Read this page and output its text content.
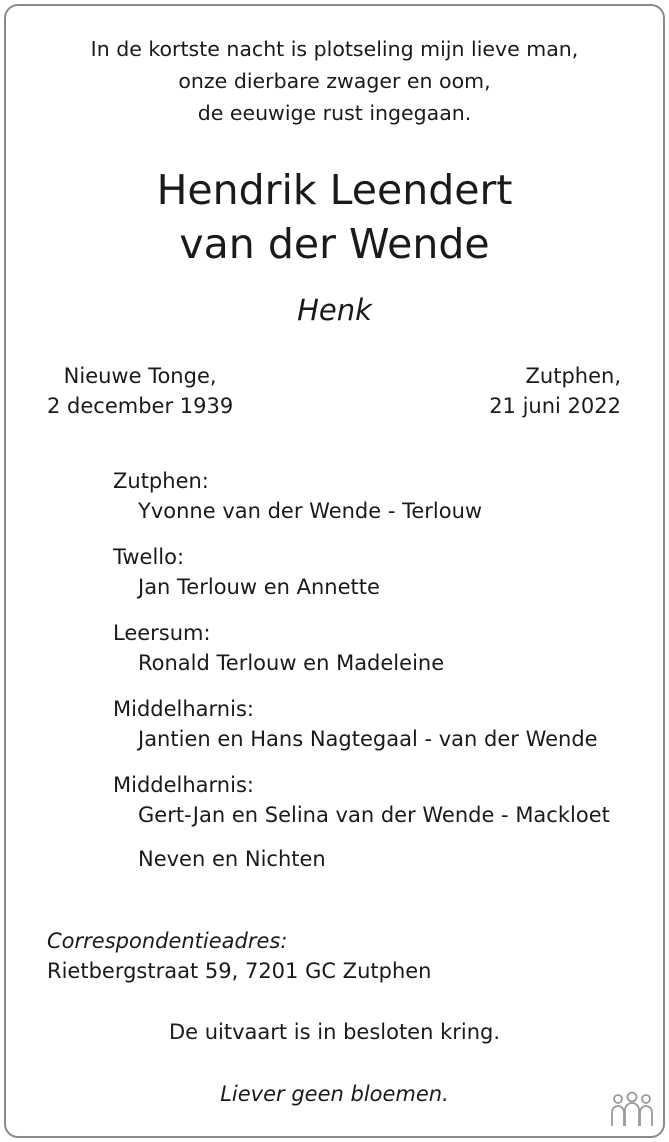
In de kortste nacht is plotseling mijn lieve man,
onze dierbare zwager en oom,
de eeuwige rust ingegaan.
Hendrik Leendert
van der Wende
Henk
Nieuwe Tonge,
2 december 1939
Zutphen,
21 juni 2022
Zutphen:
Yvonne van der Wende - Terlouw
Twello:
Jan Terlouw en Annette
Leersum:
Ronald Terlouw en Madeleine
Middelharnis:
Jantien en Hans Nagtegaal - van der Wende
Middelharnis:
Gert-Jan en Selina van der Wende - Mackloet
Neven en Nichten
Correspondentieadres:
Rietbergstraat 59, 7201 GC Zutphen
De uitvaart is in besloten kring.
Liever geen bloemen.
